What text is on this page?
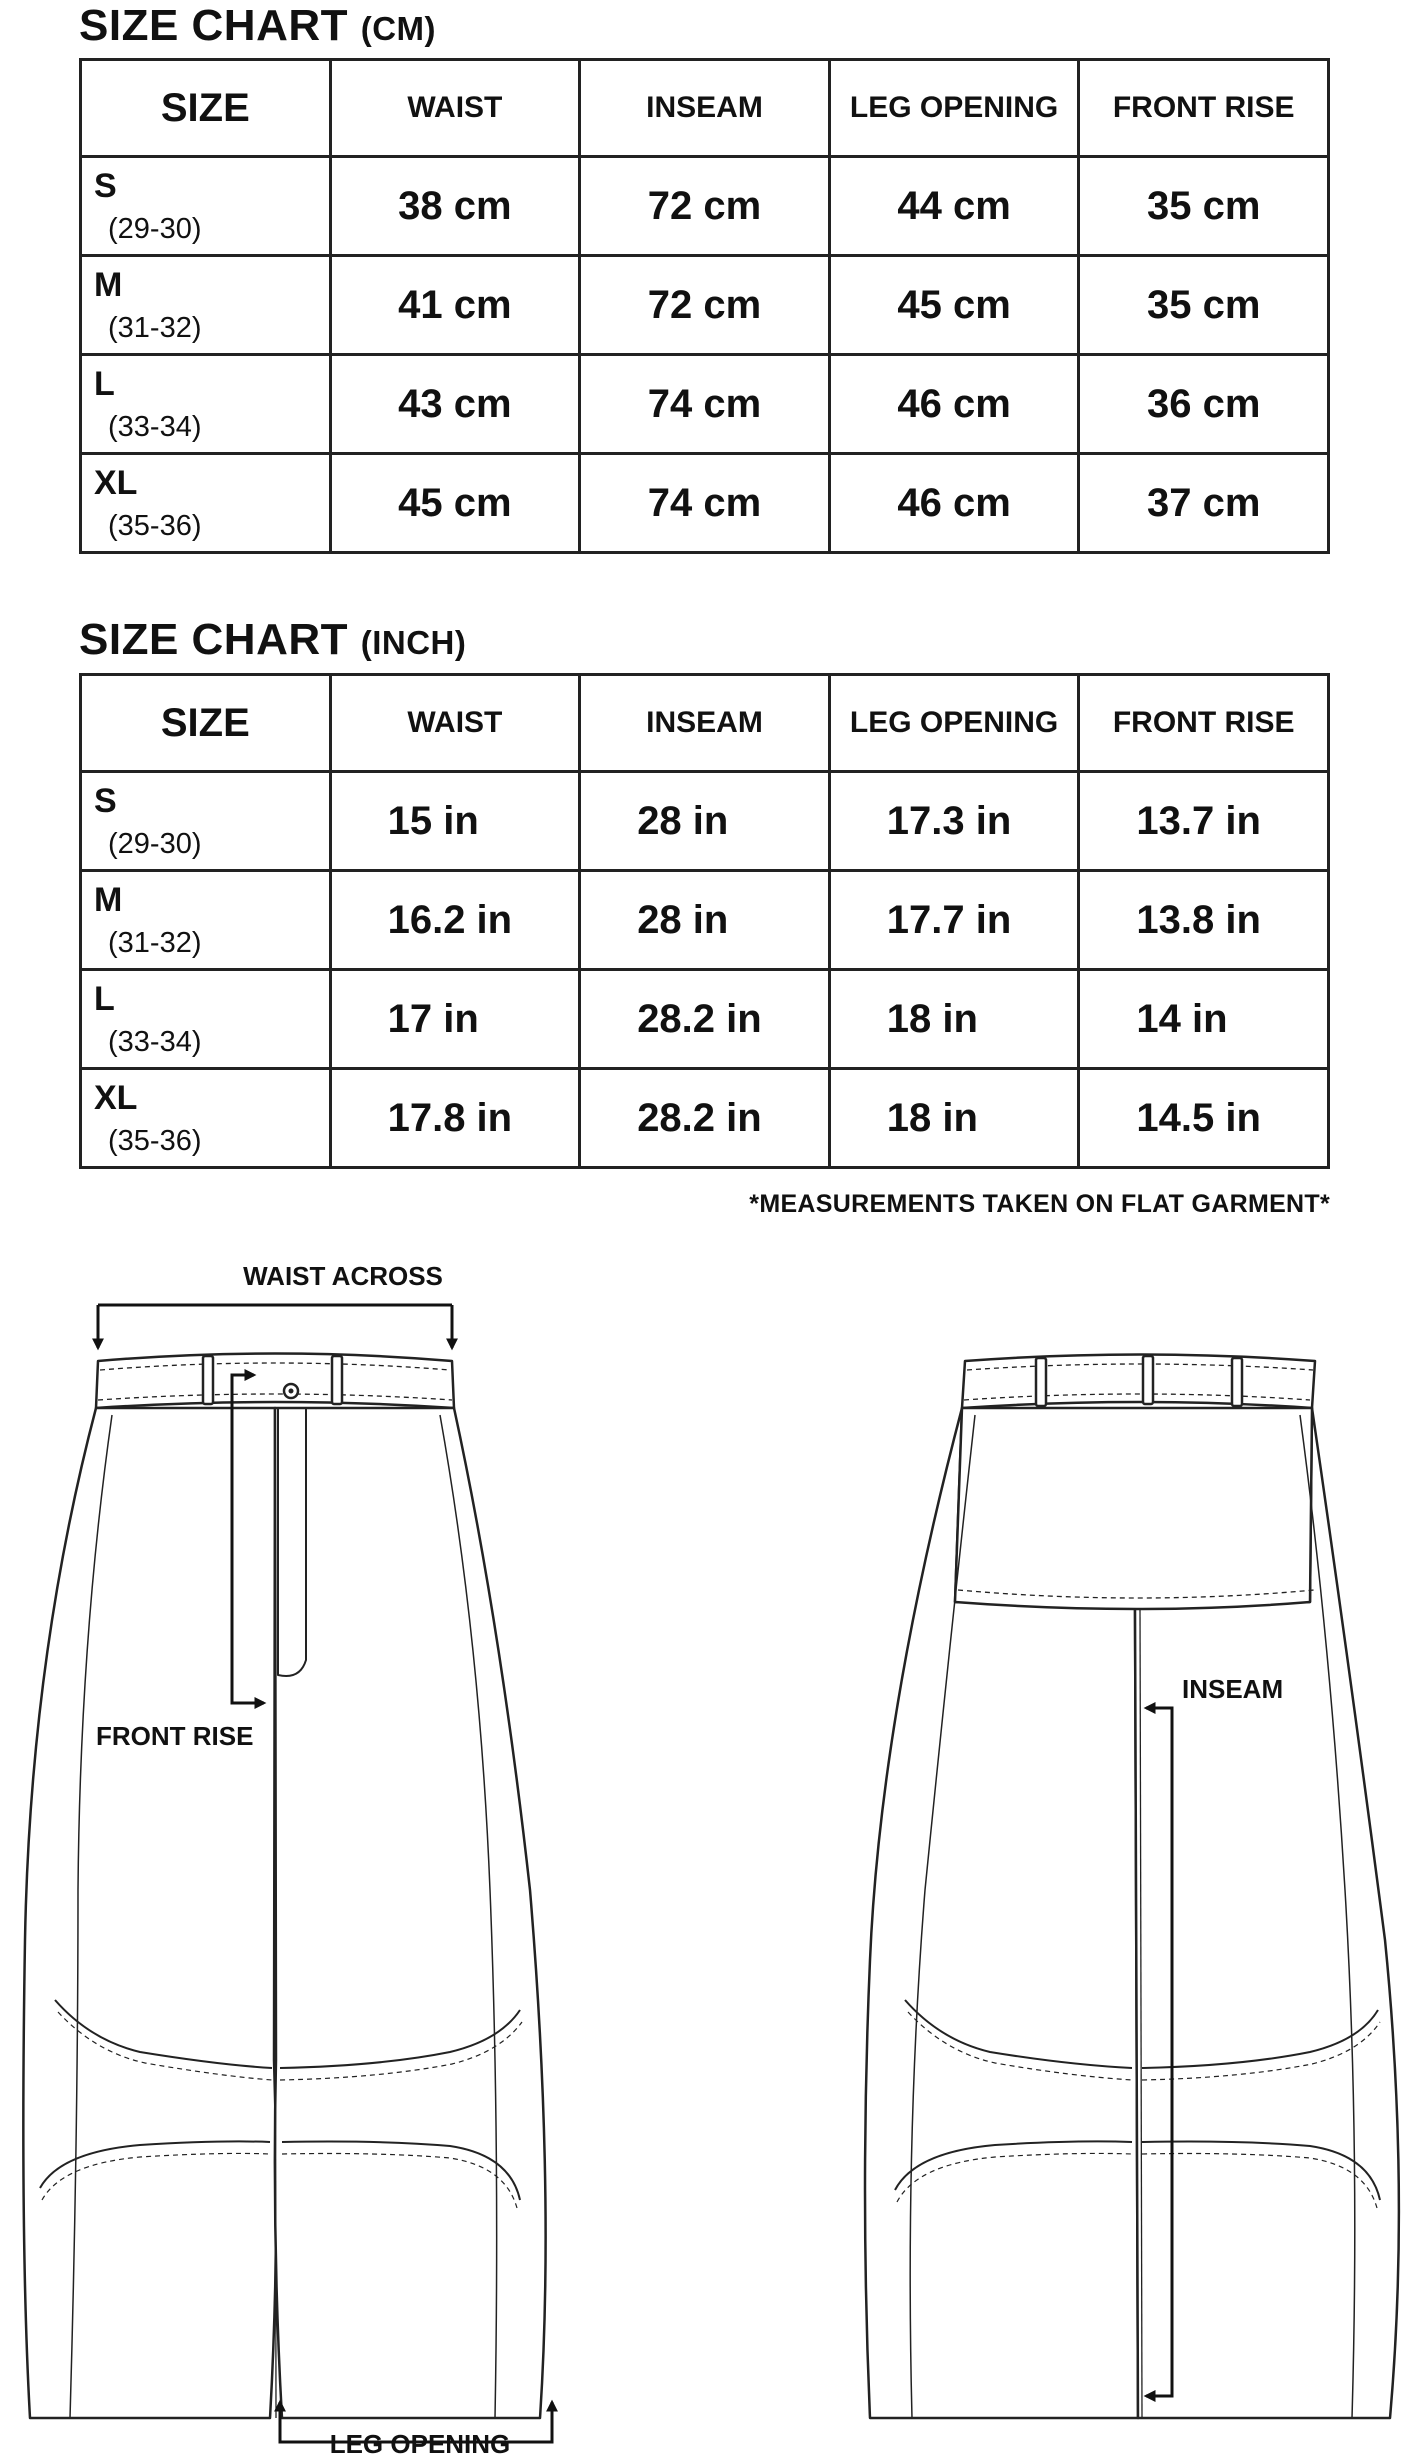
SIZE CHART (CM)
SIZE	WAIST	INSEAM	LEG OPENING	FRONT RISE

S
(29-30)	38 cm	72 cm	44 cm	35 cm

M
(31-32)	41 cm	72 cm	45 cm	35 cm

L
(33-34)	43 cm	74 cm	46 cm	36 cm

XL
(35-36)	45 cm	74 cm	46 cm	37 cm
SIZE CHART (INCH)
SIZE	WAIST	INSEAM	LEG OPENING	FRONT RISE

S
(29-30)	15 in	28 in	17.3 in	13.7 in

M
(31-32)	16.2 in	28 in	17.7 in	13.8 in

L
(33-34)	17 in	28.2 in	18 in	14 in

XL
(35-36)	17.8 in	28.2 in	18 in	14.5 in

*MEASUREMENTS TAKEN ON FLAT GARMENT*

WAIST ACROSS
FRONT RISE
LEG OPENING
INSEAM
